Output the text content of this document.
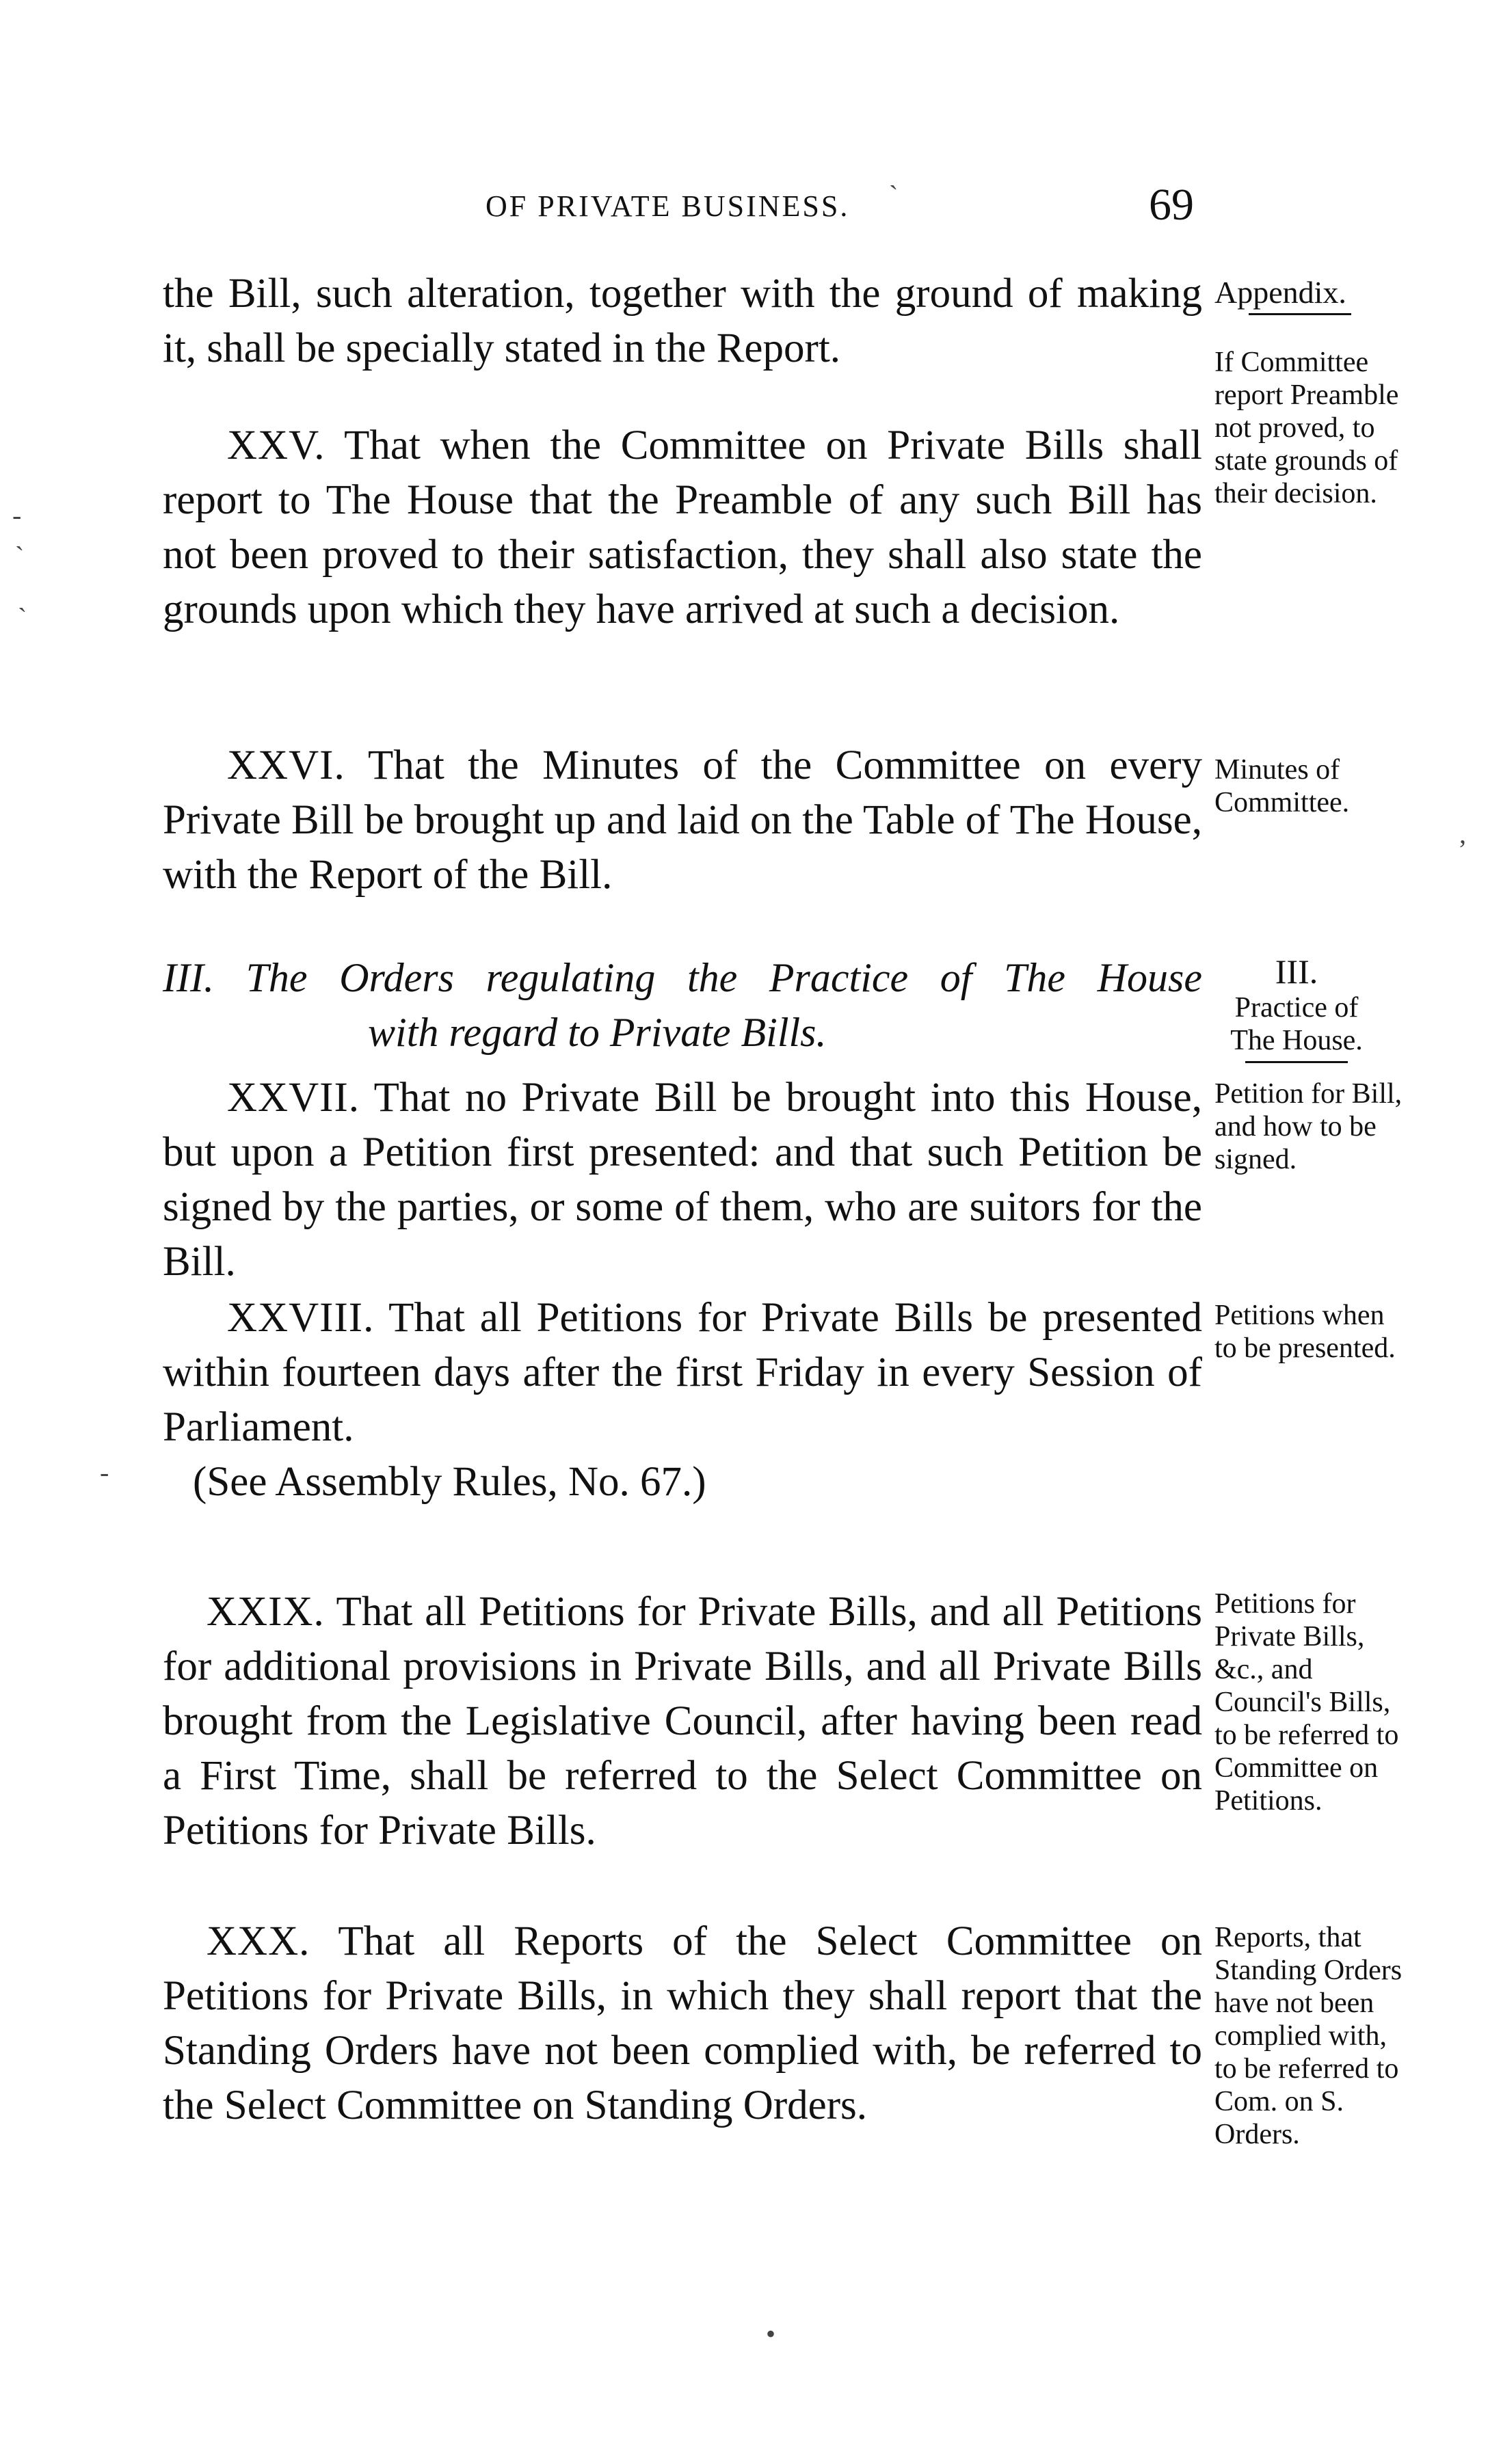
OF PRIVATE BUSINESS.	69
the Bill, such alteration, together with the ground of making it, shall be specially stated in the Report.
XXV. That when the Committee on Private Bills shall report to The House that the Preamble of any such Bill has not been proved to their satisfaction, they shall also state the grounds upon which they have arrived at such a decision.
XXVI. That the Minutes of the Committee on every Private Bill be brought up and laid on the Table of The House, with the Report of the Bill.
III. The Orders regulating the Practice of The House
with regard to Private Bills.
XXVII. That no Private Bill be brought into this House, but upon a Petition first presented: and that such Petition be signed by the parties, or some of them, who are suitors for the Bill.
XXVIII. That all Petitions for Private Bills be presented within fourteen days after the first Friday in every Session of Parliament.
(See Assembly Rules, No. 67.)
XXIX. That all Petitions for Private Bills, and all Petitions for additional provisions in Private Bills, and all Private Bills brought from the Legislative Council, after having been read a First Time, shall be referred to the Select Committee on Petitions for Private Bills.
XXX. That all Reports of the Select Committee on Petitions for Private Bills, in which they shall report that the Standing Orders have not been complied with, be referred to the Select Committee on Standing Orders.
Appendix.
If Committee report Preamble not proved, to state grounds of their decision.
Minutes of Committee.
III.
Practice of The House.
Petition for Bill, and how to be signed.
Petitions when to be presented.
Petitions for Private Bills, &c., and Council's Bills, to be referred to Committee on Petitions.
Reports, that Standing Orders have not been complied with, to be referred to Com. on S. Orders.
ˋ
-
ˋ
ˋ
-
•
,
